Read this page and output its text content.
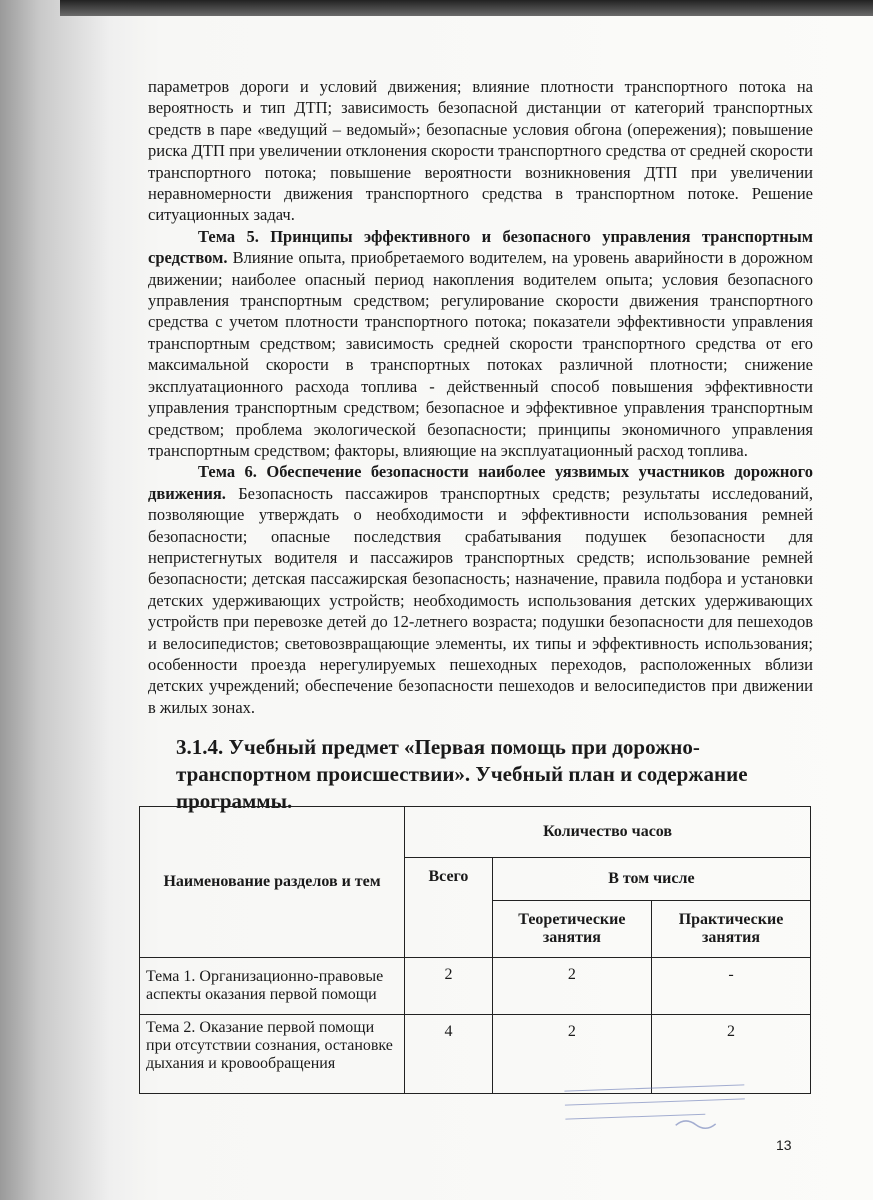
параметров дороги и условий движения; влияние плотности транспортного потока на вероятность и тип ДТП; зависимость безопасной дистанции от категорий транспортных средств в паре «ведущий – ведомый»; безопасные условия обгона (опережения); повышение риска ДТП при увеличении отклонения скорости транспортного средства от средней скорости транспортного потока; повышение вероятности возникновения ДТП при увеличении неравномерности движения транспортного средства в транспортном потоке. Решение ситуационных задач.

Тема 5. Принципы эффективного и безопасного управления транспортным средством. Влияние опыта, приобретаемого водителем, на уровень аварийности в дорожном движении; наиболее опасный период накопления водителем опыта; условия безопасного управления транспортным средством; регулирование скорости движения транспортного средства с учетом плотности транспортного потока; показатели эффективности управления транспортным средством; зависимость средней скорости транспортного средства от его максимальной скорости в транспортных потоках различной плотности; снижение эксплуатационного расхода топлива - действенный способ повышения эффективности управления транспортным средством; безопасное и эффективное управления транспортным средством; проблема экологической безопасности; принципы экономичного управления транспортным средством; факторы, влияющие на эксплуатационный расход топлива.

Тема 6. Обеспечение безопасности наиболее уязвимых участников дорожного движения. Безопасность пассажиров транспортных средств; результаты исследований, позволяющие утверждать о необходимости и эффективности использования ремней безопасности; опасные последствия срабатывания подушек безопасности для непристегнутых водителя и пассажиров транспортных средств; использование ремней безопасности; детская пассажирская безопасность; назначение, правила подбора и установки детских удерживающих устройств; необходимость использования детских удерживающих устройств при перевозке детей до 12-летнего возраста; подушки безопасности для пешеходов и велосипедистов; световозвращающие элементы, их типы и эффективность использования; особенности проезда нерегулируемых пешеходных переходов, расположенных вблизи детских учреждений; обеспечение безопасности пешеходов и велосипедистов при движении в жилых зонах.

3.1.4. Учебный предмет «Первая помощь при дорожно-транспортном происшествии». Учебный план и содержание программы.
Наименование разделов и тем	Количество часов		
	Всего	В том числе	
		Теоретические занятия	Практические занятия
Тема 1. Организационно-правовые аспекты оказания первой помощи	2	2	-
Тема 2. Оказание первой помощи при отсутствии сознания, остановке дыхания и кровообращения	4	2	2
13
